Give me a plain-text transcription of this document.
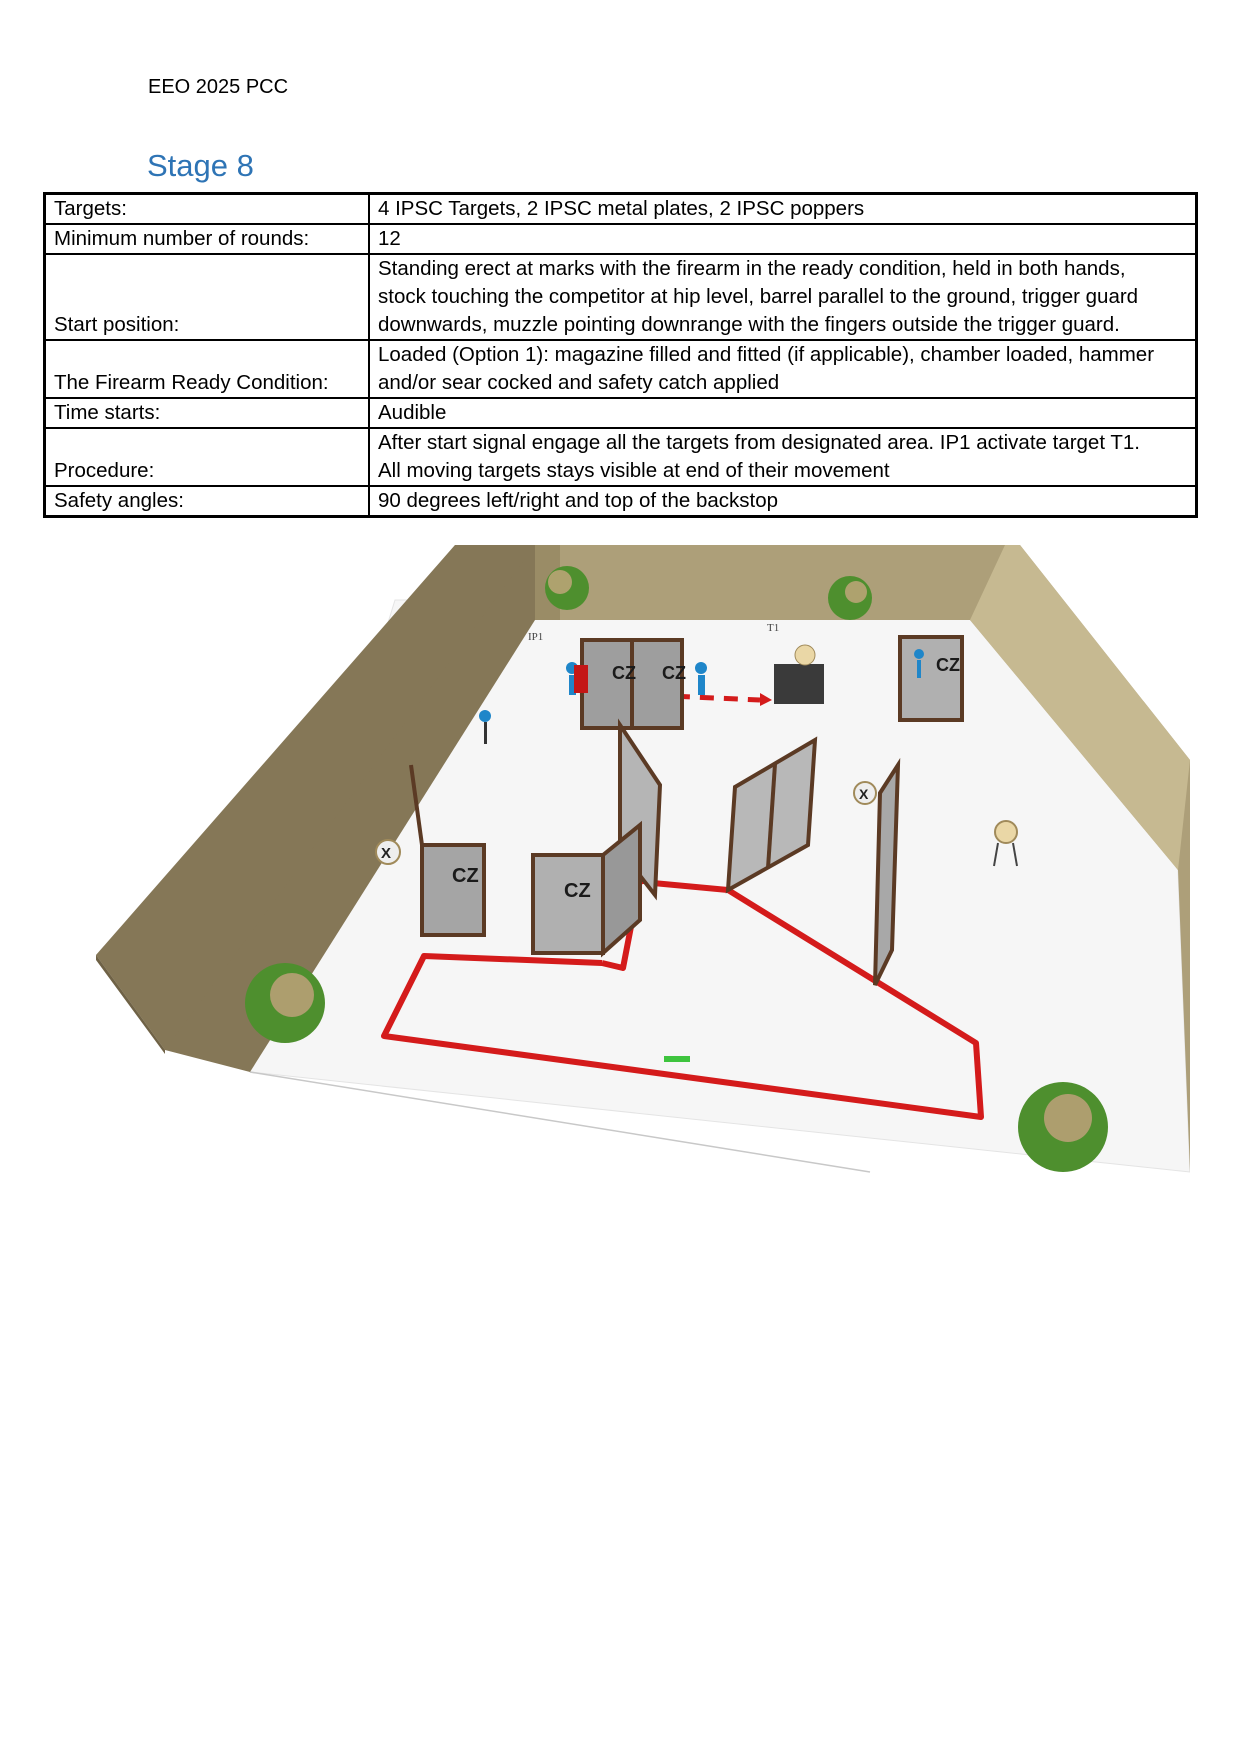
EEO 2025 PCC
Stage 8
Targets:	4 IPSC Targets, 2 IPSC metal plates, 2 IPSC poppers
Minimum number of rounds:	12
Start position:	Standing erect at marks with the firearm in the ready condition, held in both hands,
stock touching the competitor at hip level, barrel parallel to the ground, trigger guard
downwards, muzzle pointing downrange with the fingers outside the trigger guard.

The Firearm Ready Condition:	Loaded (Option 1): magazine filled and fitted (if applicable), chamber loaded, hammer
and/or sear cocked and safety catch applied

Time starts:	Audible
Procedure:	After start signal engage all the targets from designated area. IP1 activate target T1.
All moving targets stays visible at end of their movement

Safety angles:	90 degrees left/right and top of the backstop
CZ CZ	CZ
CZ
CZ
IP1
T1
X
X
